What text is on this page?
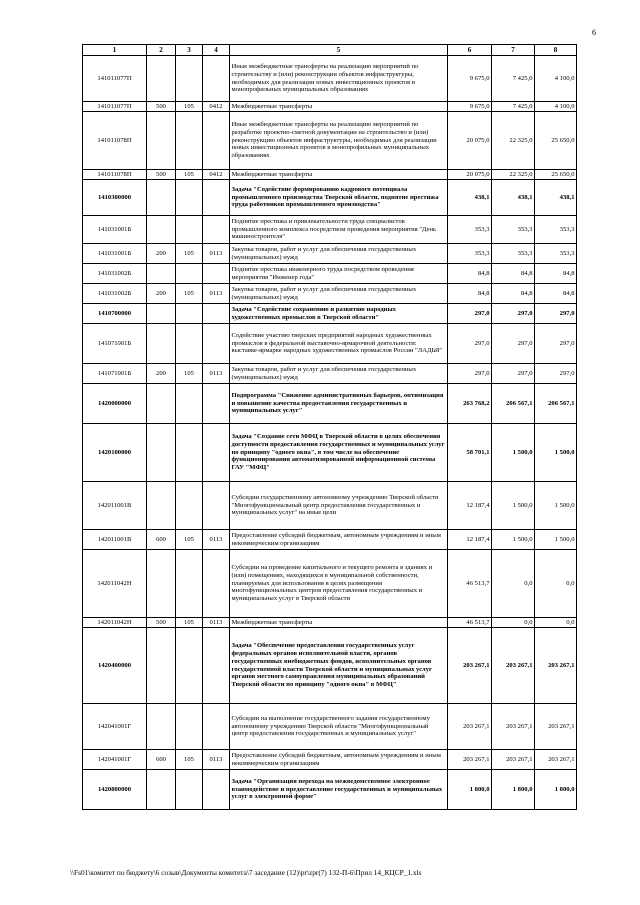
6
1	2	3	4	5	6	7	8
141011077П				Иные межбюджетные трансферты на реализацию мероприятий по строительству и (или) реконструкции объектов инфраструктуры, необходимых для реализации новых инвестиционных проектов в монопрофильных муниципальных образованиях	9 675,0	7 425,0	4 100,0
141011077П	500	105	0412	Межбюджетные трансферты	9 675,0	7 425,0	4 100,0
141011078П				Иные межбюджетные трансферты на реализацию мероприятий по разработке проектно-сметной документации на строительство и (или) реконструкцию объектов инфраструктуры, необходимых для реализации новых инвестиционных проектов в монопрофильных муниципальных образованиях	20 075,0	22 325,0	25 650,0
141011078П	500	105	0412	Межбюджетные трансферты	20 075,0	22 325,0	25 650,0
1410300000				Задача "Содействие формированию кадрового потенциала промышленного производства Тверской области, поднятие престижа труда работников промышленного производства"	438,1	438,1	438,1
141031001Б				Поднятие престижа и привлекательности труда специалистов промышленного комплекса посредством проведения мероприятия "День машиностроителя"	353,3	353,3	353,3
141031001Б	200	105	0113	Закупка товаров, работ и услуг для обеспечения государственных (муниципальных) нужд	353,3	353,3	353,3
141031002Б				Поднятие престижа инженерного труда посредством проведения мероприятия "Инженер года"	84,8	84,8	84,8
141031002Б	200	105	0113	Закупка товаров, работ и услуг для обеспечения государственных (муниципальных) нужд	84,8	84,8	84,8
1410700000				Задача "Содействие сохранению и развитию народных художественных промыслов в Тверской области"	297,0	297,0	297,0
141071001Б				Содействие участию тверских предприятий народных художественных промыслов в федеральной выставочно-ярмарочной деятельности: выставке-ярмарке народных художественных промыслов России "ЛАДЬЯ"	297,0	297,0	297,0
141071001Б	200	105	0113	Закупка товаров, работ и услуг для обеспечения государственных (муниципальных) нужд	297,0	297,0	297,0
1420000000				Подпрограмма "Снижение административных барьеров, оптимизация и повышение качества предоставления государственных и муниципальных услуг"	263 768,2	206 567,1	206 567,1
1420100000				Задача "Создание сети МФЦ в Тверской области в целях обеспечения доступности предоставления государственных и муниципальных услуг по принципу "одного окна", в том числе на обеспечение функционирования автоматизированной информационной системы ГАУ "МФЦ"	58 701,1	1 500,0	1 500,0
142011001В				Субсидии государственному автономному учреждению Тверской области "Многофункциональный центр предоставления государственных и муниципальных услуг" на иные цели	12 187,4	1 500,0	1 500,0
142011001В	600	105	0113	Предоставление субсидий бюджетным, автономным учреждениям и иным некоммерческим организациям	12 187,4	1 500,0	1 500,0
142011042Н				Субсидии на проведение капитального и текущего ремонта в зданиях и (или) помещениях, находящихся в муниципальной собственности, планируемых для использования в целях размещения многофункциональных центров предоставления государственных и муниципальных услуг в Тверской области	46 513,7	0,0	0,0
142011042Н	500	105	0113	Межбюджетные трансферты	46 513,7	0,0	0,0
1420400000				Задача "Обеспечение предоставления государственных услуг федеральных органов исполнительной власти, органов государственных внебюджетных фондов, исполнительных органов государственной власти Тверской области и муниципальных услуг органов местного самоуправления муниципальных образований Тверской области по принципу "одного окна" в МФЦ"	203 267,1	203 267,1	203 267,1
142041001Г				Субсидии на выполнение государственного задания государственному автономному учреждению Тверской области "Многофункциональный центр предоставления государственных и муниципальных услуг"	203 267,1	203 267,1	203 267,1
142041001Г	600	105	0113	Предоставление субсидий бюджетным, автономным учреждениям и иным некоммерческим организациям	203 267,1	203 267,1	203 267,1
1420800000				Задача "Организация перехода на межведомственное электронное взаимодействие и предоставление государственных и муниципальных услуг в электронной форме"	1 800,0	1 800,0	1 800,0
\\Fs01\комитет по бюджету\6 созыв\Документы комитета\7 заседание (12)\pr\zpr(7) 132-П-6\Прил 14_КЦСР_1.xls
